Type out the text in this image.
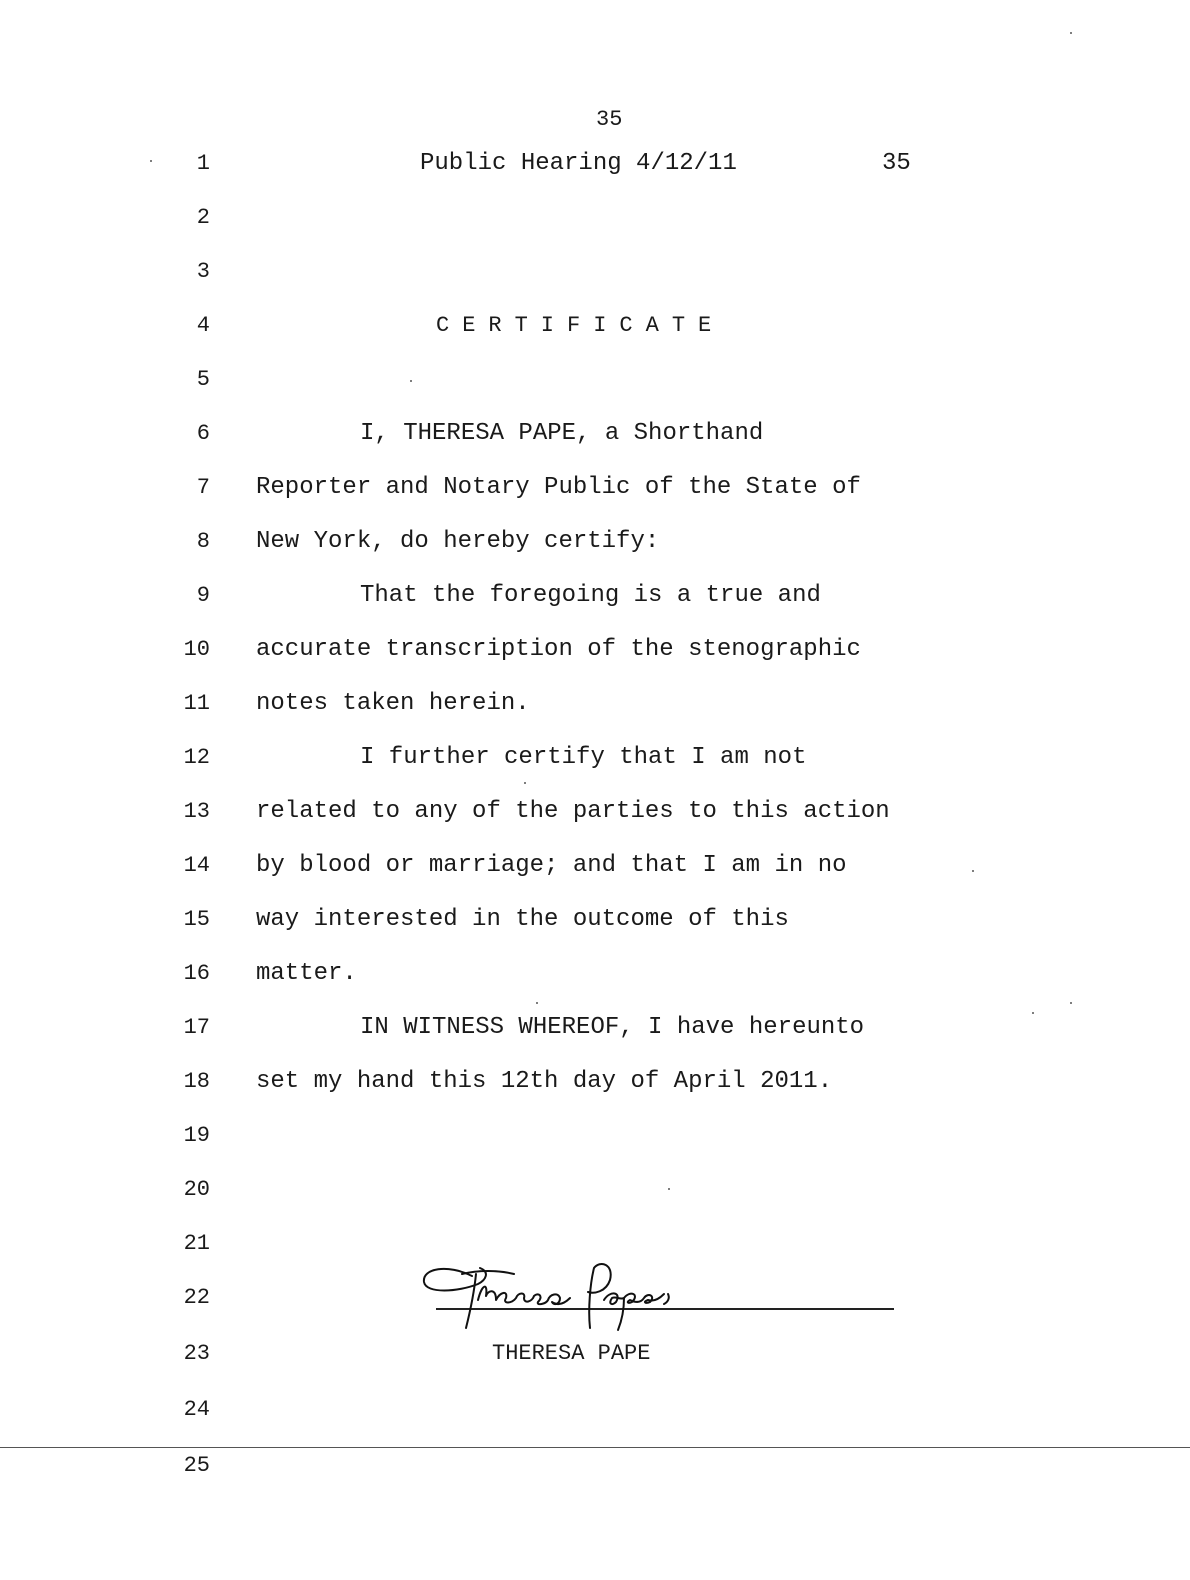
35
1	Public Hearing 4/12/11	35
2
3
4	CERTIFICATE
5
6	I, THERESA PAPE, a Shorthand
7 Reporter and Notary Public of the State of
8 New York, do hereby certify:
9	That the foregoing is a true and
10 accurate transcription of the stenographic
11 notes taken herein.
12	I further certify that I am not
13 related to any of the parties to this action
14 by blood or marriage; and that I am in no
15 way interested in the outcome of this
16 matter.
17	IN WITNESS WHEREOF, I have hereunto
18 set my hand this 12th day of April 2011.
19
20
21
22
23	THERESA PAPE
24
25
